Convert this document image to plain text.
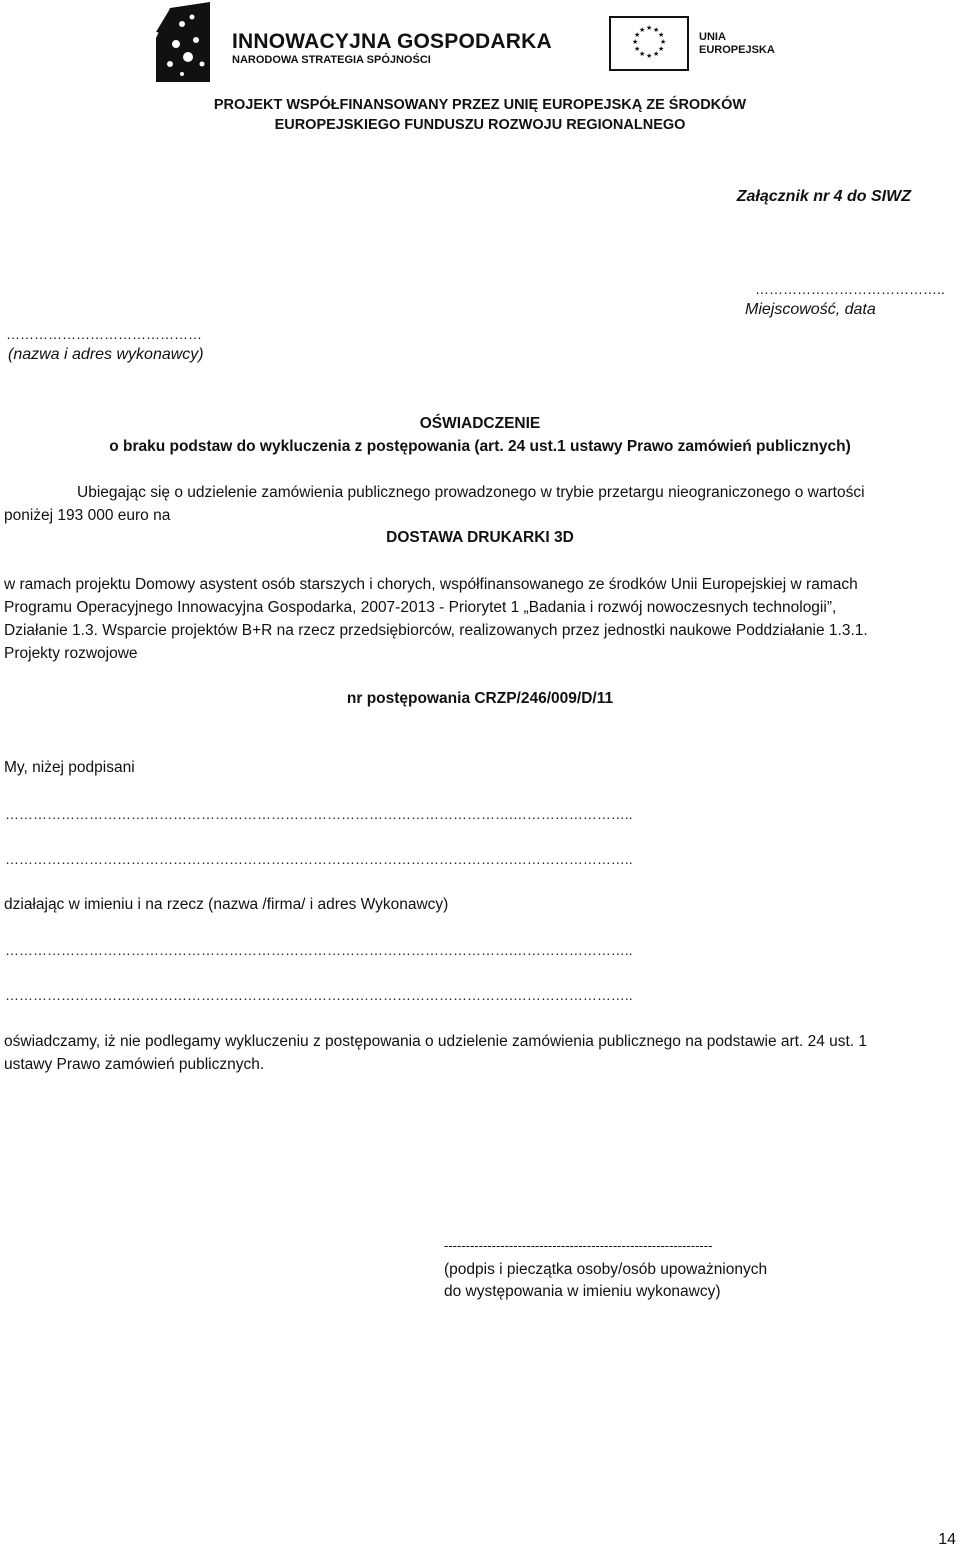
INNOWACYJNA GOSPODARKA
NARODOWA STRATEGIA SPÓJNOŚCI
★ ★
★
★
★
★
★
★
★
★
★
★
UNIA
EUROPEJSKA
PROJEKT WSPÓŁFINANSOWANY PRZEZ UNIĘ EUROPEJSKĄ ZE ŚRODKÓW
EUROPEJSKIEGO FUNDUSZU ROZWOJU REGIONALNEGO
Załącznik nr 4 do SIWZ
…………………………………..
Miejscowość, data
……………………………………
(nazwa i adres wykonawcy)
OŚWIADCZENIE
o braku podstaw do wykluczenia z postępowania (art. 24 ust.1 ustawy Prawo zamówień publicznych)
Ubiegając się o udzielenie zamówienia publicznego prowadzonego w trybie przetargu nieograniczonego o wartości
poniżej 193 000 euro na
DOSTAWA DRUKARKI 3D
w ramach projektu Domowy asystent osób starszych i chorych, współfinansowanego ze środków Unii Europejskiej w ramach
Programu Operacyjnego Innowacyjna Gospodarka, 2007-2013 - Priorytet 1 „Badania i rozwój nowoczesnych technologii”,
Działanie 1.3. Wsparcie projektów B+R na rzecz przedsiębiorców, realizowanych przez jednostki naukowe Poddziałanie 1.3.1.
Projekty rozwojowe
nr postępowania CRZP/246/009/D/11
My, niżej podpisani
……………………………………………………………………………………………….……………………..
……………………………………………………………………………………………….……………………..
działając w imieniu i na rzecz (nazwa /firma/ i adres Wykonawcy)
……………………………………………………………………………………………….……………………..
……………………………………………………………………………………………….……………………..
oświadczamy, iż nie podlegamy wykluczeniu z postępowania o udzielenie zamówienia publicznego na podstawie art. 24 ust. 1
ustawy Prawo zamówień publicznych.
--------------------------------------------------------------
(podpis i pieczątka osoby/osób upoważnionych
do występowania w imieniu wykonawcy)
14
